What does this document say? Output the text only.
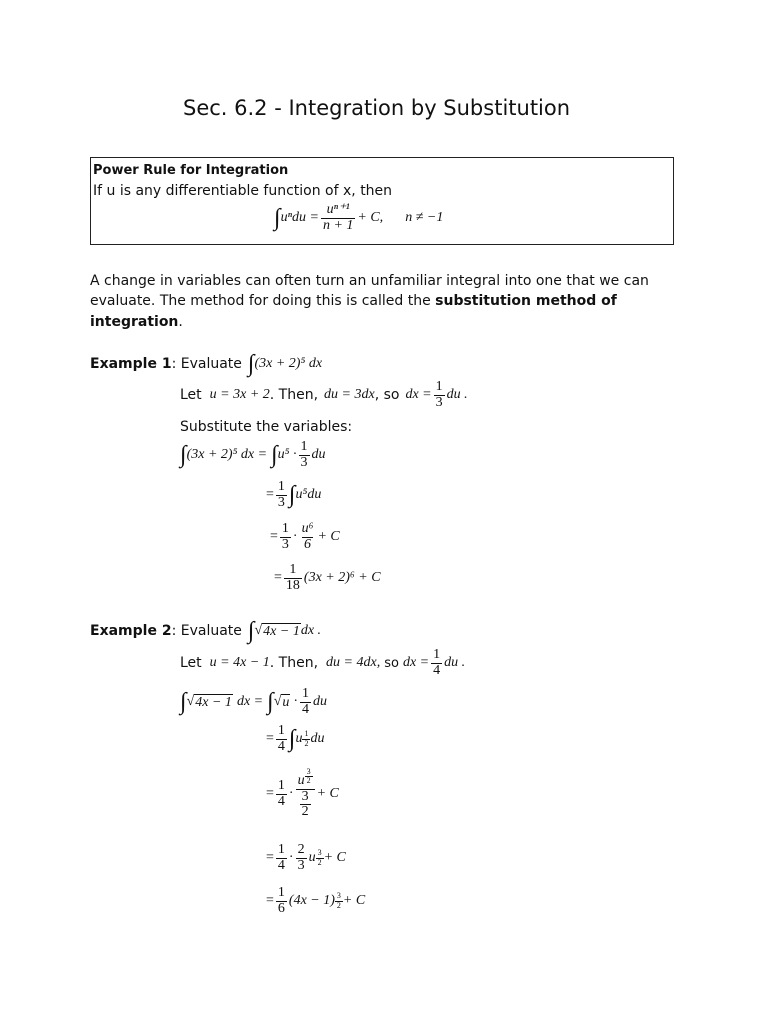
Sec. 6.2 - Integration by Substitution
Power Rule for Integration
If u is any differentiable function of x, then
∫ $u^ndu = \frac{\text{uⁿ⁺¹}}{n + 1} + C$, n ≠ −1
A change in variables can often turn an unfamiliar integral into one that we can
evaluate. The method for doing this is called the substitution method of
integration.
Example 1 : Evaluate ∫ (3x + 2)⁵ dx
Let u = 3x + 2 . Then, du = 3dx , so dx = $\frac{1}{3}$ du .
Substitute the variables:
∫ (3x + 2)⁵ dx = ∫ $u^5 \cdot \frac{1}{3}$ du
= $\frac{1}{3}$ ∫ u⁵du
= $\frac{1}{3} \cdot \frac{\text{u⁶}}{6} + C$
= $\frac{1}{18} (3x + 2)^6 + C$
Example 2 : Evaluate ∫ √ 4x − 1 dx .
Let u = 4x − 1 . Then, du = 4dx, so dx = $\frac{1}{4}$ du .
∫ √ 4x − 1 dx = ∫ √ $u \cdot \frac{1}{4}$ du
= $\frac{1}{4}$ ∫ u $\frac{1}{2}$ du
= $\frac{1}{4} \cdot \frac{u \frac{3}{2}}{\frac{3}{2}} + C$
= $\frac{1}{4} \cdot \frac{2}{3}$ u $\frac{3}{2} + C$
= $\frac{1}{6} (4x - 1) \frac{3}{2} + C$
